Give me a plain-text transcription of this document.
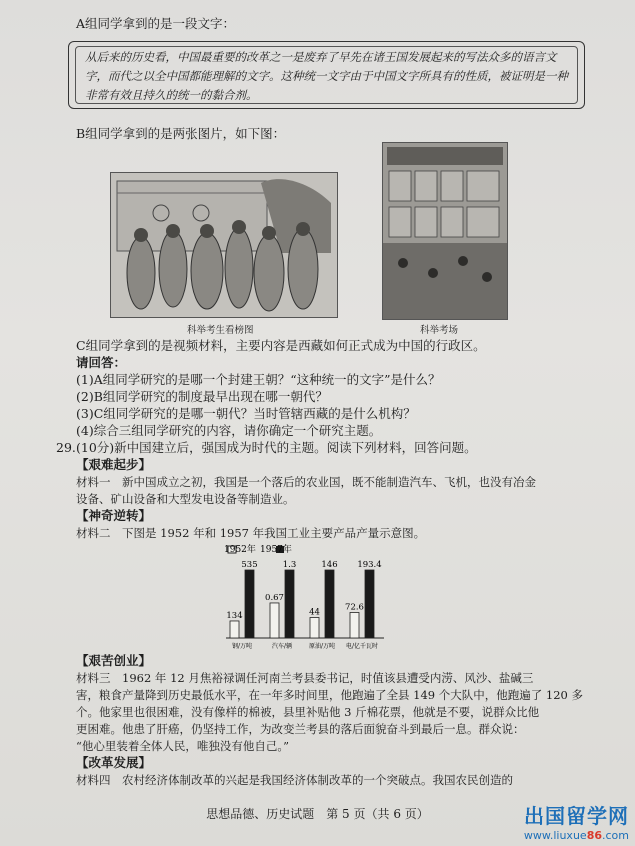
A组同学拿到的是一段文字：
从后来的历史看，中国最重要的改革之一是废弃了早先在诸王国发展起来的写法众多的语言文字，而代之以全中国都能理解的文字。这种统一文字由于中国文字所具有的性质，被证明是一种非常有效且持久的统一的黏合剂。
B组同学拿到的是两张图片，如下图：
科举考生看榜图	科举考场
C组同学拿到的是视频材料，主要内容是西藏如何正式成为中国的行政区。
请回答：
(1)A组同学研究的是哪一个封建王朝？“这种统一的文字”是什么？
(2)B组同学研究的制度最早出现在哪一朝代？
(3)C组同学研究的是哪一朝代？当时管辖西藏的是什么机构？
(4)综合三组同学研究的内容，请你确定一个研究主题。
29. (10分)新中国建立后，强国成为时代的主题。阅读下列材料，回答问题。
【艰难起步】
材料一　新中国成立之初，我国是一个落后的农业国，既不能制造汽车、飞机，也没有冶金
设备、矿山设备和大型发电设备等制造业。
【神奇逆转】
材料二　下图是 1952 年和 1957 年我国工业主要产品产量示意图。
1952年 1957年
134
535
0.67
1.3
44
146
72.6
193.4
钢/万吨	汽车/辆	原油/万吨 电/亿千瓦时
【艰苦创业】
材料三　1962 年 12 月焦裕禄调任河南兰考县委书记，时值该县遭受内涝、风沙、盐碱三
害，粮食产量降到历史最低水平，在一年多时间里，他跑遍了全县 149 个大队中，他跑遍了 120 多
个。他家里也很困难，没有像样的棉被，县里补贴他 3 斤棉花票，他就是不要，说群众比他
更困难。他患了肝癌，仍坚持工作，为改变兰考县的落后面貌奋斗到最后一息。群众说：
“他心里装着全体人民，唯独没有他自己。”
【改革发展】
材料四　农村经济体制改革的兴起是我国经济体制改革的一个突破点。我国农民创造的
思想品德、历史试题　第 5 页（共 6 页）	出国留学网
www.liuxue86.com
